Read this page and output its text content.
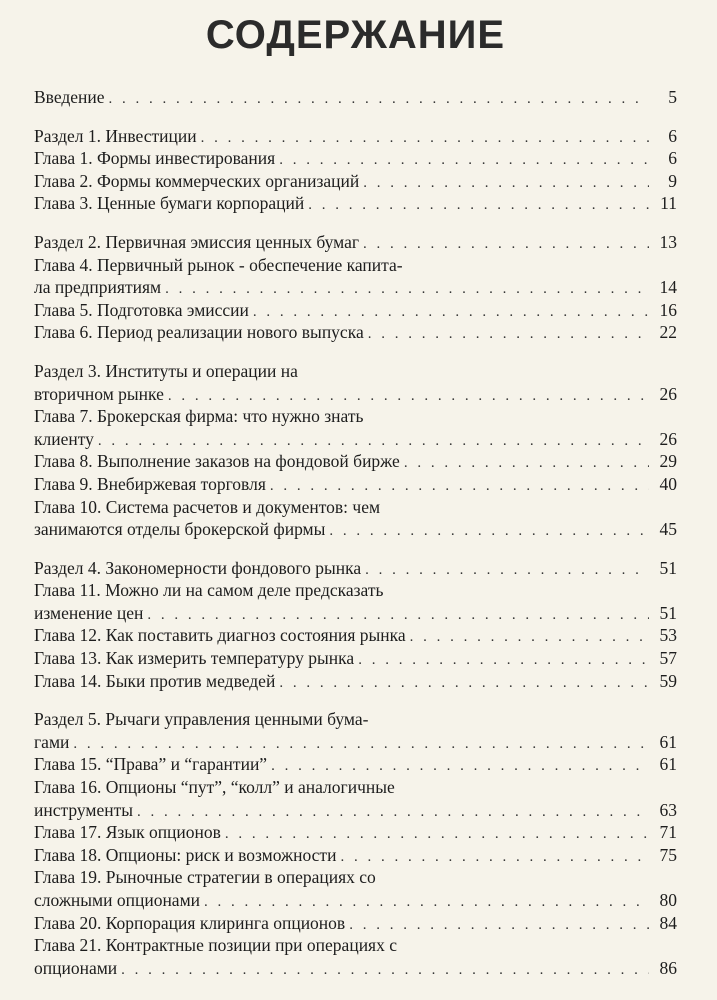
СОДЕРЖАНИЕ
Введение . . .	5
Раздел 1. Инвестиции . . .	6
Глава 1. Формы инвестирования . . .	6
Глава 2. Формы коммерческих организаций . . .	9
Глава 3. Ценные бумаги корпораций . . .	11
Раздел 2. Первичная эмиссия ценных бумаг . . .	13
Глава 4. Первичный рынок - обеспечение капита-
ла предприятиям . . .	14
Глава 5. Подготовка эмиссии . . .	16
Глава 6. Период реализации нового выпуска . . .	22
Раздел 3. Институты и операции на
вторичном рынке . . .	26
Глава 7. Брокерская фирма: что нужно знать
клиенту . . .	26
Глава 8. Выполнение заказов на фондовой бирже . . .	29
Глава 9. Внебиржевая торговля . . .	40
Глава 10. Система расчетов и документов: чем
занимаются отделы брокерской фирмы . . .	45
Раздел 4. Закономерности фондового рынка . . .	51
Глава 11. Можно ли на самом деле предсказать
изменение цен . . .	51
Глава 12. Как поставить диагноз состояния рынка . . .	53
Глава 13. Как измерить температуру рынка . . .	57
Глава 14. Быки против медведей . . .	59
Раздел 5. Рычаги управления ценными бума-
гами . . .	61
Глава 15. “Права” и “гарантии” . . .	61
Глава 16. Опционы “пут”, “колл” и аналогичные
инструменты . . .	63
Глава 17. Язык опционов . . .	71
Глава 18. Опционы: риск и возможности . . .	75
Глава 19. Рыночные стратегии в операциях со
сложными опционами . . .	80
Глава 20. Корпорация клиринга опционов . . .	84
Глава 21. Контрактные позиции при операциях с
опционами . . .	86
